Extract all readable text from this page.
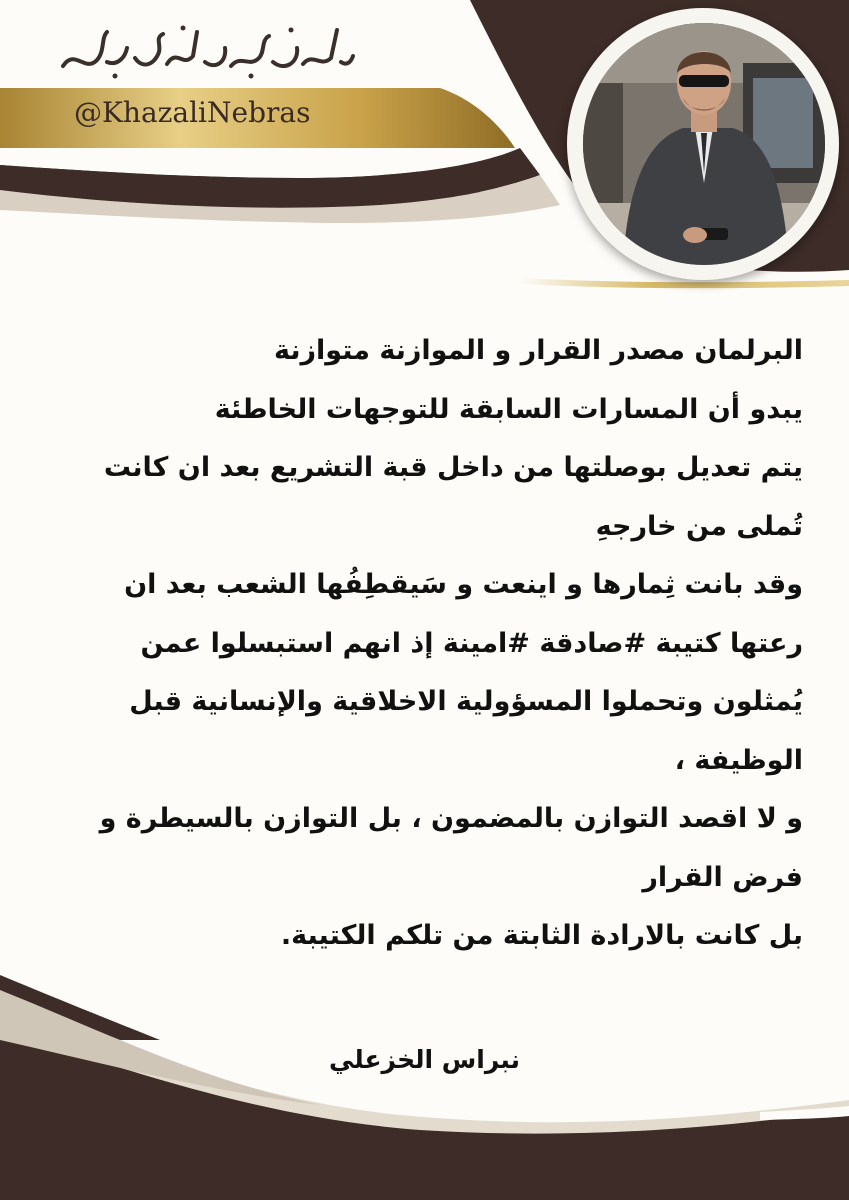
@KhazaliNebras
البرلمان مصدر القرار و الموازنة متوازنة
يبدو أن المسارات السابقة للتوجهات الخاطئة
يتم تعديل بوصلتها من داخل قبة التشريع بعد ان كانت
تُملى من خارجهِ
وقد بانت ثِمارها و اينعت و سَيقطِفُها الشعب بعد ان
رعتها كتيبة #صادقة #امينة إذ انهم استبسلوا عمن
يُمثلون وتحملوا المسؤولية الاخلاقية والإنسانية قبل
الوظيفة ،
و لا اقصد التوازن بالمضمون ، بل التوازن بالسيطرة و
فرض القرار
بل كانت بالارادة الثابتة من تلكم الكتيبة.
نبراس الخزعلي
